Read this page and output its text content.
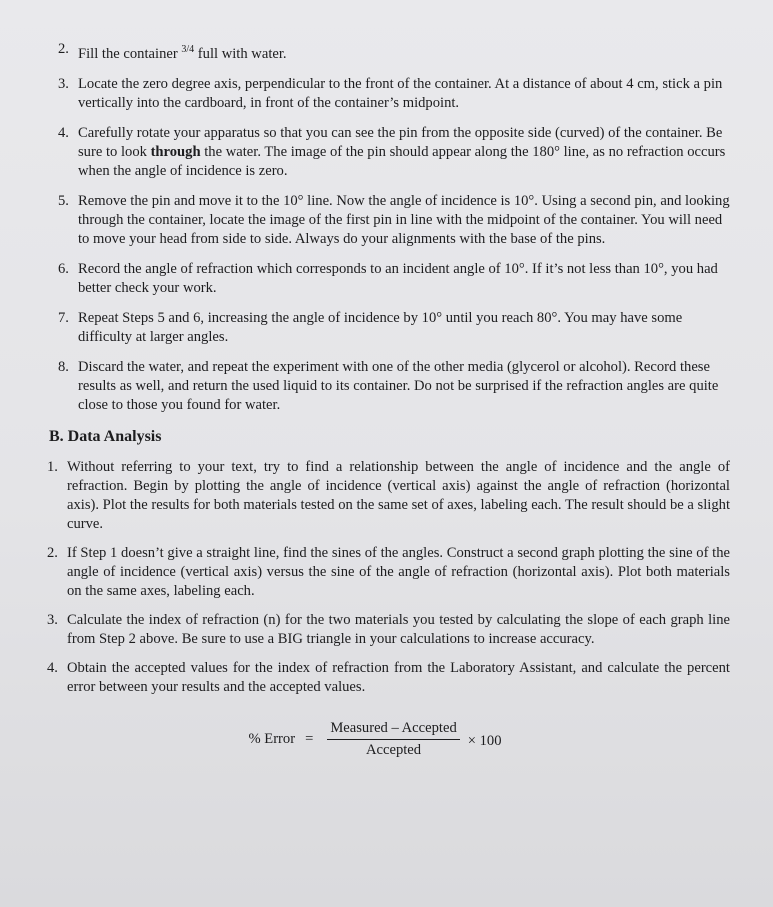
2. Fill the container $^{3/4}$ full with water.
3. Locate the zero degree axis, perpendicular to the front of the container. At a distance of about 4 cm, stick a pin vertically into the cardboard, in front of the container’s midpoint.
4. Carefully rotate your apparatus so that you can see the pin from the opposite side (curved) of the container. Be sure to look through the water. The image of the pin should appear along the 180° line, as no refraction occurs when the angle of incidence is zero.
5. Remove the pin and move it to the 10° line. Now the angle of incidence is 10°. Using a second pin, and looking through the container, locate the image of the first pin in line with the midpoint of the container. You will need to move your head from side to side. Always do your alignments with the base of the pins.
6. Record the angle of refraction which corresponds to an incident angle of 10°. If it’s not less than 10°, you had better check your work.
7. Repeat Steps 5 and 6, increasing the angle of incidence by 10° until you reach 80°. You may have some difficulty at larger angles.
8. Discard the water, and repeat the experiment with one of the other media (glycerol or alcohol). Record these results as well, and return the used liquid to its container. Do not be surprised if the refraction angles are quite close to those you found for water.
B. Data Analysis
1. Without referring to your text, try to find a relationship between the angle of incidence and the angle of refraction. Begin by plotting the angle of incidence (vertical axis) against the angle of refraction (horizontal axis). Plot the results for both materials tested on the same set of axes, labeling each. The result should be a slight curve.
2. If Step 1 doesn’t give a straight line, find the sines of the angles. Construct a second graph plotting the sine of the angle of incidence (vertical axis) versus the sine of the angle of refraction (horizontal axis). Plot both materials on the same axes, labeling each.
3. Calculate the index of refraction (n) for the two materials you tested by calculating the slope of each graph line from Step 2 above. Be sure to use a BIG triangle in your calculations to increase accuracy.
4. Obtain the accepted values for the index of refraction from the Laboratory Assistant, and calculate the percent error between your results and the accepted values.
% Error = $\frac{\text{Measured – Accepted}}{\text{Accepted}} \times 100$
